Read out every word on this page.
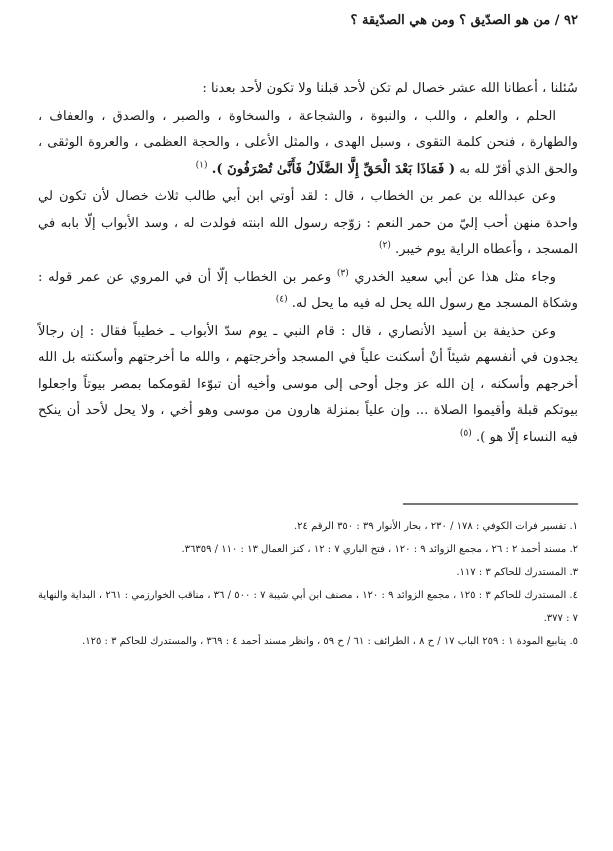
٩٢ / من هو الصدّيق ؟ ومن هي الصدّيقة ؟

سُئلنا ، أعطانا الله عشر خصال لم تكن لأحد قبلنا ولا تكون لأحد بعدنا :

الحلم ، والعلم ، واللب ، والنبوة ، والشجاعة ، والسخاوة ، والصبر ، والصدق ، والعفاف ، والطهارة ، فنحن كلمة التقوى ، وسبل الهدى ، والمثل الأعلى ، والحجة العظمى ، والعروة الوثقى ، والحق الذي أقرّ لله به ( فَمَاذَا بَعْدَ الْحَقِّ إِلَّا الضَّلَالُ فَأَنَّىٰ تُصْرَفُونَ ). $^{(١)}$

وعن عبدالله بن عمر بن الخطاب ، قال : لقد أوتي ابن أبي طالب ثلاث خصال لأن تكون لي واحدة منهن أحب إليّ من حمر النعم : زوّجه رسول الله ابنته فولدت له ، وسد الأبواب إلّا بابه في المسجد ، وأعطاه الراية يوم خيبر. $^{(٢)}$

وجاء مثل هذا عن أبي سعيد الخدري $^{(٣)}$ وعمر بن الخطاب إلّا أن في المروي عن عمر قوله : وشكاة المسجد مع رسول الله يحل له فيه ما يحل له. $^{(٤)}$

وعن حذيفة بن أسيد الأنصاري ، قال : قام النبي ـ يوم سدّ الأبواب ـ خطيباً فقال : إن رجالاً يجدون في أنفسهم شيئاً أنْ أسكنت علياً في المسجد وأخرجتهم ، والله ما أخرجتهم وأسكنته بل الله أخرجهم وأسكنه ، إن الله عز وجل أوحى إلى موسى وأخيه أن تبوّءا لقومكما بمصر بيوتاً واجعلوا بيوتكم قبلة وأقيموا الصلاة ... وإن علياً بمنزلة هارون من موسى وهو أخي ، ولا يحل لأحد أن ينكح فيه النساء إلّا هو ). $^{(٥)}$

١. تفسير فرات الكوفي : ١٧٨ / ٢٣٠ ، بحار الأنوار ٣٩ : ٣٥٠ الرقم ٢٤.

٢. مسند أحمد ٢ : ٢٦ ، مجمع الزوائد ٩ : ١٢٠ ، فتح الباري ٧ : ١٢ ، كنز العمال ١٣ : ١١٠ / ٣٦٣٥٩.

٣. المستدرك للحاكم ٣ : ١١٧.

٤. المستدرك للحاكم ٣ : ١٢٥ ، مجمع الزوائد ٩ : ١٢٠ ، مصنف ابن أبي شيبة ٧ : ٥٠٠ / ٣٦ ، مناقب الخوارزمي : ٢٦١ ، البداية والنهاية ٧ : ٣٧٧.

٥. ينابيع المودة ١ : ٢٥٩ الباب ١٧ / ح ٨ ، الطرائف : ٦١ / ح ٥٩ ، وانظر مسند أحمد ٤ : ٣٦٩ ، والمستدرك للحاكم ٣ : ١٢٥.
